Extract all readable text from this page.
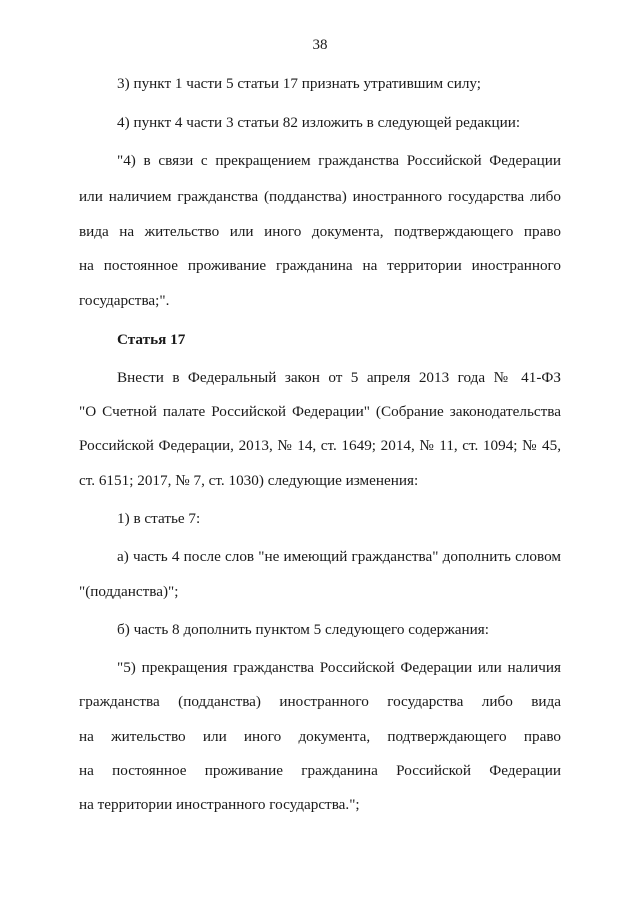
38
3) пункт 1 части 5 статьи 17 признать утратившим силу;
4) пункт 4 части 3 статьи 82 изложить в следующей редакции:
"4) в связи с прекращением гражданства Российской Федерации
или наличием гражданства (подданства) иностранного государства либо
вида на жительство или иного документа, подтверждающего право
на постоянное проживание гражданина на территории иностранного
государства;".
Статья 17
Внести в Федеральный закон от 5 апреля 2013 года № 41-ФЗ
"О Счетной палате Российской Федерации" (Собрание законодательства
Российской Федерации, 2013, № 14, ст. 1649; 2014, № 11, ст. 1094; № 45,
ст. 6151; 2017, № 7, ст. 1030) следующие изменения:
1) в статье 7:
а) часть 4 после слов "не имеющий гражданства" дополнить словом
"(подданства)";
б) часть 8 дополнить пунктом 5 следующего содержания:
"5) прекращения гражданства Российской Федерации или наличия
гражданства (подданства) иностранного государства либо вида
на жительство или иного документа, подтверждающего право
на постоянное проживание гражданина Российской Федерации
на территории иностранного государства.";
